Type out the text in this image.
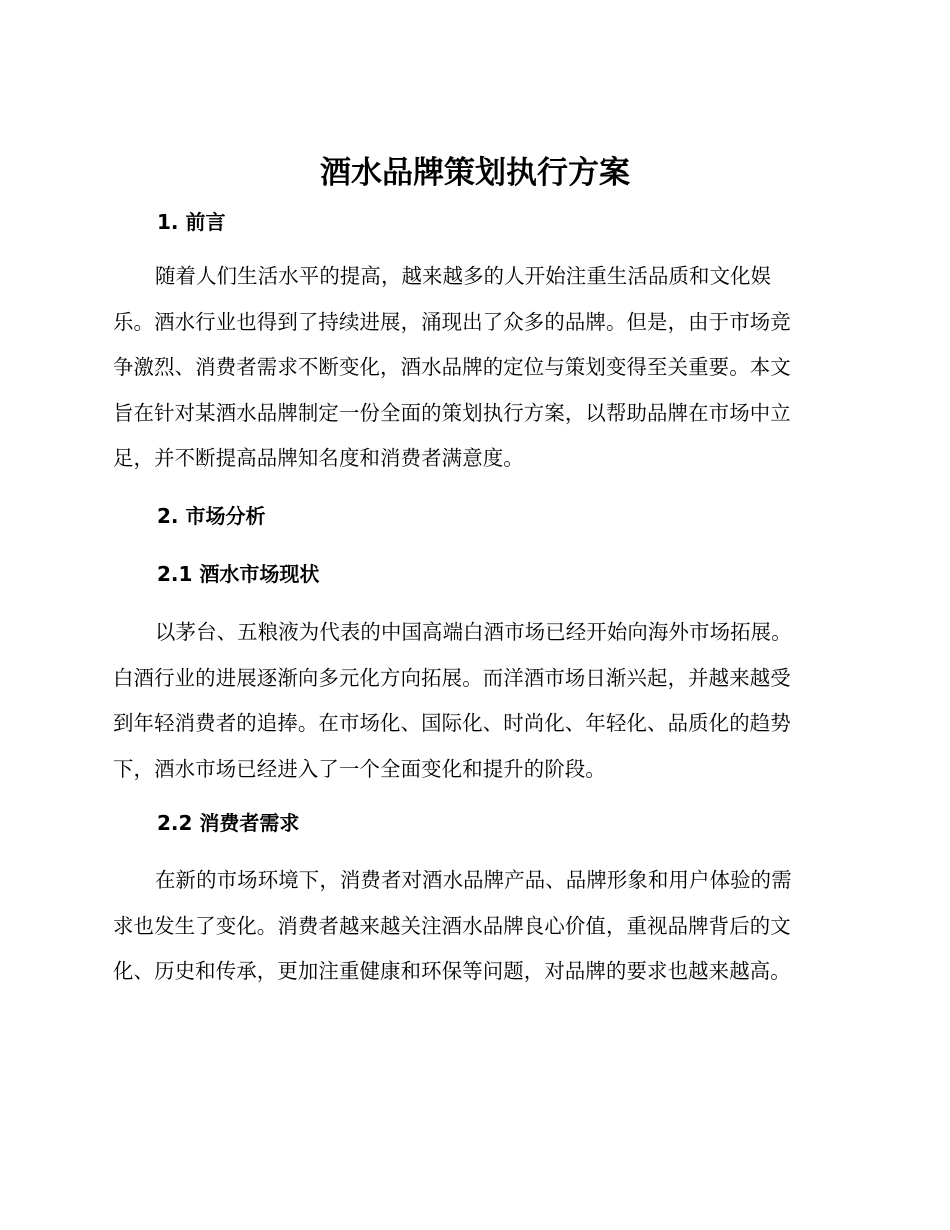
酒水品牌策划执行方案
1. 前言

随着人们生活水平的提高，越来越多的人开始注重生活品质和文化娱
乐。酒水行业也得到了持续进展，涌现出了众多的品牌。但是，由于市场竞
争激烈、消费者需求不断变化，酒水品牌的定位与策划变得至关重要。本文
旨在针对某酒水品牌制定一份全面的策划执行方案，以帮助品牌在市场中立
足，并不断提高品牌知名度和消费者满意度。

2. 市场分析
2.1 酒水市场现状

以茅台、五粮液为代表的中国高端白酒市场已经开始向海外市场拓展。
白酒行业的进展逐渐向多元化方向拓展。而洋酒市场日渐兴起，并越来越受
到年轻消费者的追捧。在市场化、国际化、时尚化、年轻化、品质化的趋势
下，酒水市场已经进入了一个全面变化和提升的阶段。

2.2 消费者需求

在新的市场环境下，消费者对酒水品牌产品、品牌形象和用户体验的需
求也发生了变化。消费者越来越关注酒水品牌良心价值，重视品牌背后的文
化、历史和传承，更加注重健康和环保等问题，对品牌的要求也越来越高。
